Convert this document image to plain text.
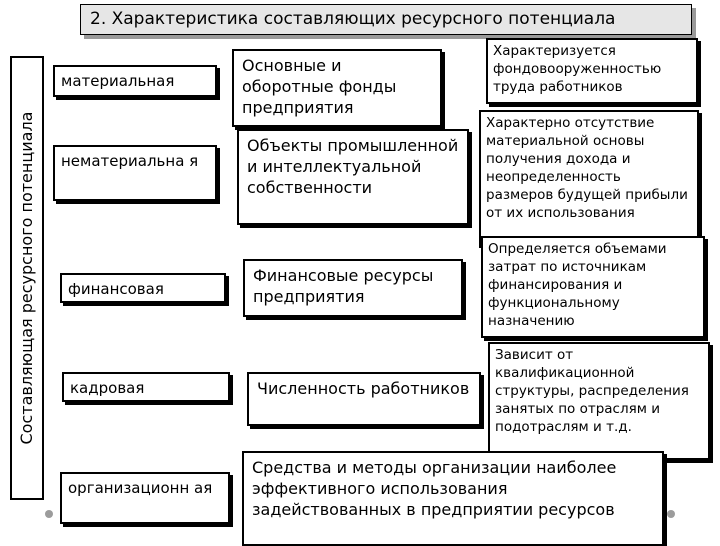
2. Характеристика составляющих ресурсного потенциала
Составляющая ресурсного потенциала
материальная
Основные и оборотные фонды предприятия
Характеризуется фондовооруженностью труда работников
нематериальна я
Объекты промышленной и интеллектуальной собственности
Характерно отсутствие материальной основы получения дохода и неопределенность размеров будущей прибыли от их использования
Определяется объемами затрат по источникам финансирования и функциональному назначению
финансовая
Финансовые ресурсы предприятия
кадровая	Численность работников
Зависит от квалификационной структуры, распределения занятых по отраслям и подотраслям и т.д.
организационн ая
Средства и методы организации наиболее эффективного использования задействованных в предприятии ресурсов
